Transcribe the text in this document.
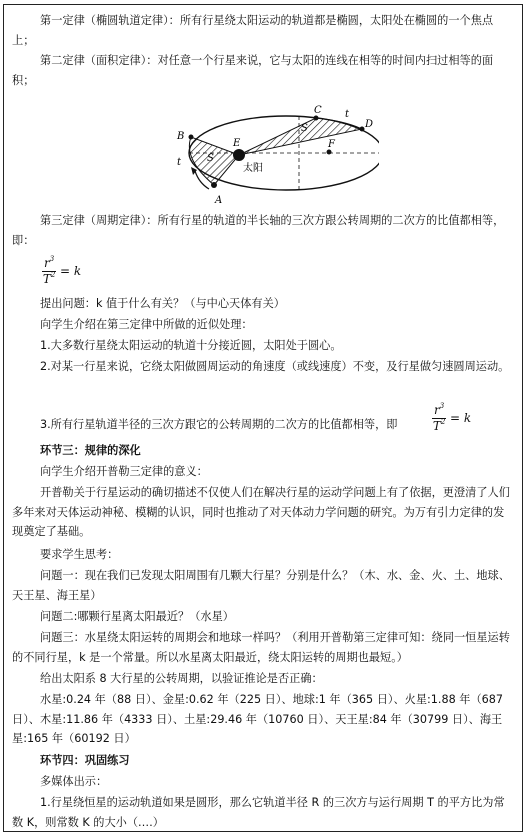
第一定律（椭圆轨道定律）：所有行星绕太阳运动的轨道都是椭圆，太阳处在椭圆的一个焦点上；

第二定律（面积定律）：对任意一个行星来说，它与太阳的连线在相等的时间内扫过相等的面积；

A
B
C
D
E	F
t
t
S
S
太阳

第三定律（周期定律）：所有行星的轨道的半长轴的三次方跟公转周期的二次方的比值都相等，即：

$\frac{r^3}{T^2} = k$

提出问题：k 值于什么有关？（与中心天体有关）

向学生介绍在第三定律中所做的近似处理：

1.大多数行星绕太阳运动的轨道十分接近圆，太阳处于圆心。

2.对某一行星来说，它绕太阳做圆周运动的角速度（或线速度）不变，及行星做匀速圆周运动。

3.所有行星轨道半径的三次方跟它的公转周期的二次方的比值都相等，即	$\frac{r^3}{T^2} = k$

环节三：规律的深化

向学生介绍开普勒三定律的意义：

开普勒关于行星运动的确切描述不仅使人们在解决行星的运动学问题上有了依据，更澄清了人们多年来对天体运动神秘、模糊的认识，同时也推动了对天体动力学问题的研究。为万有引力定律的发现奠定了基础。

要求学生思考：

问题一：现在我们已发现太阳周围有几颗大行星？分别是什么？（木、水、金、火、土、地球、天王星、海王星）

问题二:哪颗行星离太阳最近？（水星）

问题三：水星绕太阳运转的周期会和地球一样吗？（利用开普勒第三定律可知：绕同一恒星运转的不同行星，k 是一个常量。所以水星离太阳最近，绕太阳运转的周期也最短。）

给出太阳系 8 大行星的公转周期，以验证推论是否正确：

水星:0.24 年（88 日）、金星:0.62 年（225 日）、地球:1 年（365 日）、火星:1.88 年（687 日）、木星:11.86 年（4333 日）、土星:29.46 年（10760 日）、天王星:84 年（30799 日）、海王星:165 年（60192 日）

环节四：巩固练习

多媒体出示：

1.行星绕恒星的运动轨道如果是圆形，那么它轨道半径 R 的三次方与运行周期 T 的平方比为常数 K，则常数 K 的大小（.…）
